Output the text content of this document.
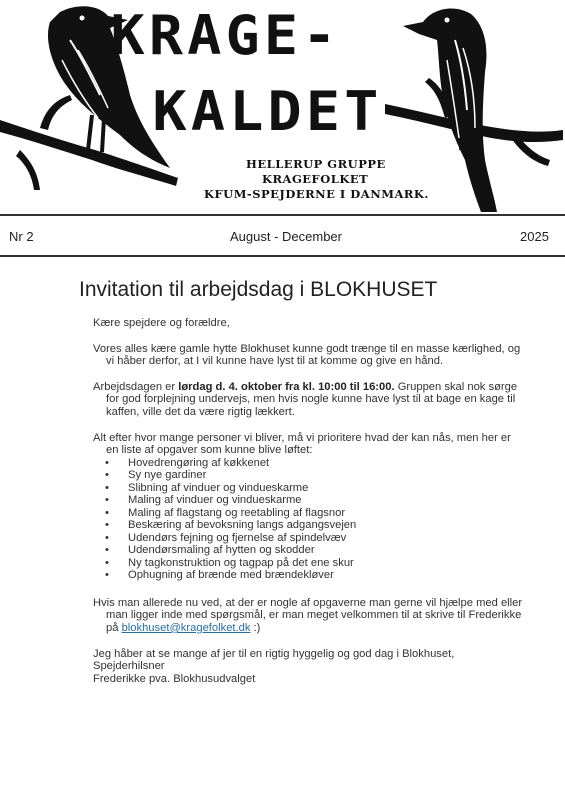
KRAGE-
KALDET
HELLERUP GRUPPE
KRAGEFOLKET
KFUM-SPEJDERNE I DANMARK.
Nr 2	August - December	2025
Invitation til arbejdsdag i BLOKHUSET

Kære spejdere og forældre,

Vores alles kære gamle hytte Blokhuset kunne godt trænge til en masse kærlighed, og vi håber derfor, at I vil kunne have lyst til at komme og give en hånd.

Arbejdsdagen er lørdag d. 4. oktober fra kl. 10:00 til 16:00. Gruppen skal nok sørge for god forplejning undervejs, men hvis nogle kunne have lyst til at bage en kage til kaffen, ville det da være rigtig lækkert.

Alt efter hvor mange personer vi bliver, må vi prioritere hvad der kan nås, men her er en liste af opgaver som kunne blive løftet:

• Hovedrengøring af køkkenet
• Sy nye gardiner
• Slibning af vinduer og vindueskarme
• Maling af vinduer og vindueskarme
• Maling af flagstang og reetabling af flagsnor
• Beskæring af bevoksning langs adgangsvejen
• Udendørs fejning og fjernelse af spindelvæv
• Udendørsmaling af hytten og skodder
• Ny tagkonstruktion og tagpap på det ene skur
• Ophugning af brænde med brændekløver

Hvis man allerede nu ved, at der er nogle af opgaverne man gerne vil hjælpe med eller man ligger inde med spørgsmål, er man meget velkommen til at skrive til Frederikke på blokhuset@kragefolket.dk :)

Jeg håber at se mange af jer til en rigtig hyggelig og god dag i Blokhuset,
Spejderhilsner
Frederikke pva. Blokhusudvalget
